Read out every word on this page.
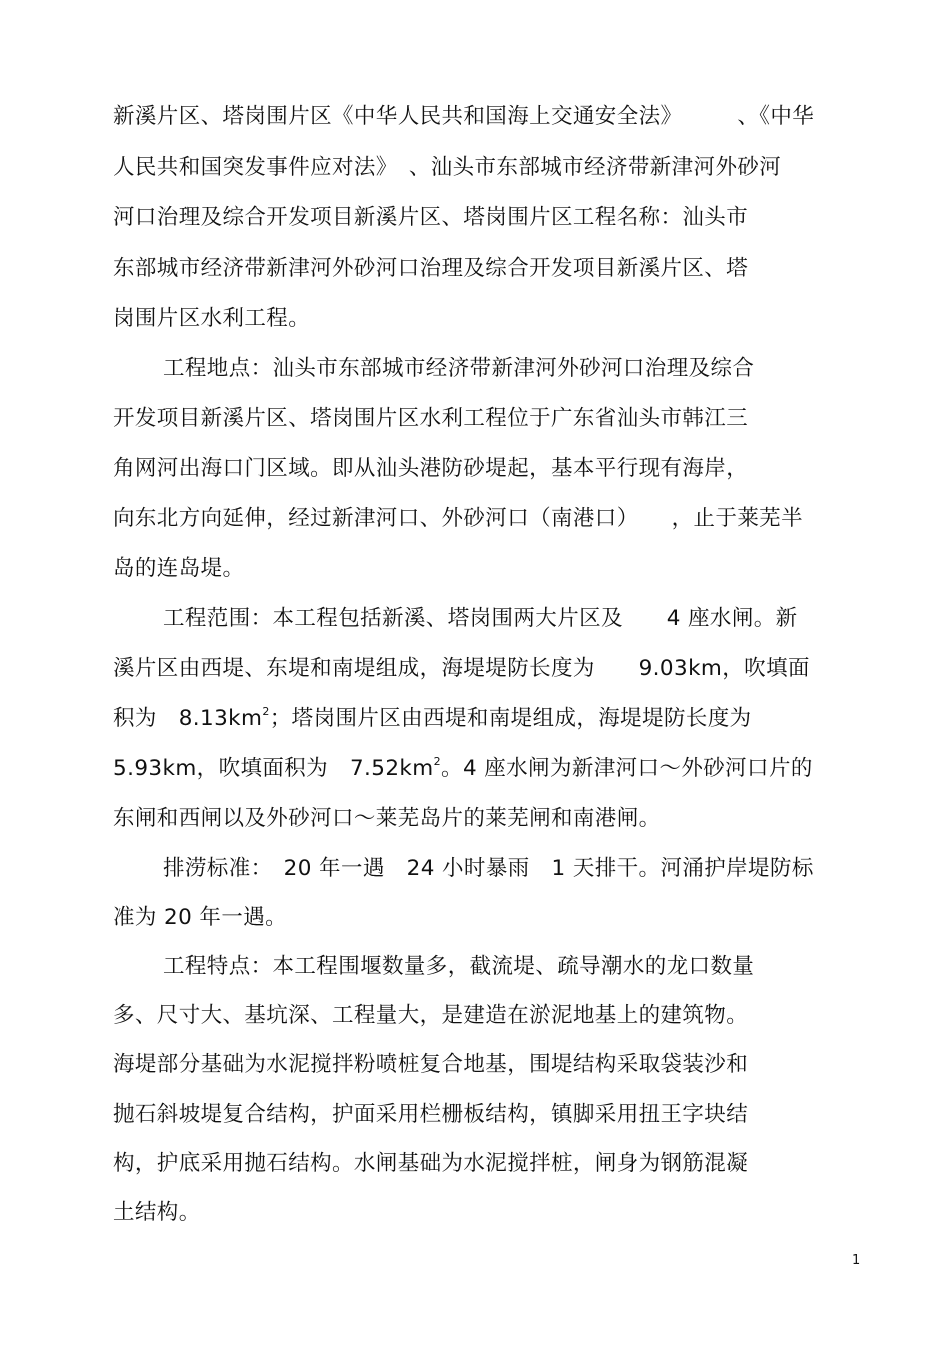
新溪片区、塔岗围片区《中华人民共和国海上交通安全法》　　　、《中华
人民共和国突发事件应对法》　、汕头市东部城市经济带新津河外砂河
河口治理及综合开发项目新溪片区、塔岗围片区工程名称：汕头市
东部城市经济带新津河外砂河口治理及综合开发项目新溪片区、塔
岗围片区水利工程。
工程地点：汕头市东部城市经济带新津河外砂河口治理及综合
开发项目新溪片区、塔岗围片区水利工程位于广东省汕头市韩江三
角网河出海口门区域。即从汕头港防砂堤起，基本平行现有海岸，
向东北方向延伸，经过新津河口、外砂河口（南港口）　　，止于莱芜半
岛的连岛堤。
工程范围：本工程包括新溪、塔岗围两大片区及　　4 座水闸。新
溪片区由西堤、东堤和南堤组成，海堤堤防长度为　　9.03km，吹填面
积为　$8.13km^2$；塔岗围片区由西堤和南堤组成，海堤堤防长度为
5.93km，吹填面积为　$7.52km^2$。4 座水闸为新津河口～外砂河口片的
东闸和西闸以及外砂河口～莱芜岛片的莱芜闸和南港闸。
排涝标准：　20 年一遇　24 小时暴雨　1 天排干。河涌护岸堤防标
准为 20 年一遇。
工程特点：本工程围堰数量多，截流堤、疏导潮水的龙口数量
多、尺寸大、基坑深、工程量大，是建造在淤泥地基上的建筑物。
海堤部分基础为水泥搅拌粉喷桩复合地基，围堤结构采取袋装沙和
抛石斜坡堤复合结构，护面采用栏栅板结构，镇脚采用扭王字块结
构，护底采用抛石结构。水闸基础为水泥搅拌桩，闸身为钢筋混凝
土结构。
1
